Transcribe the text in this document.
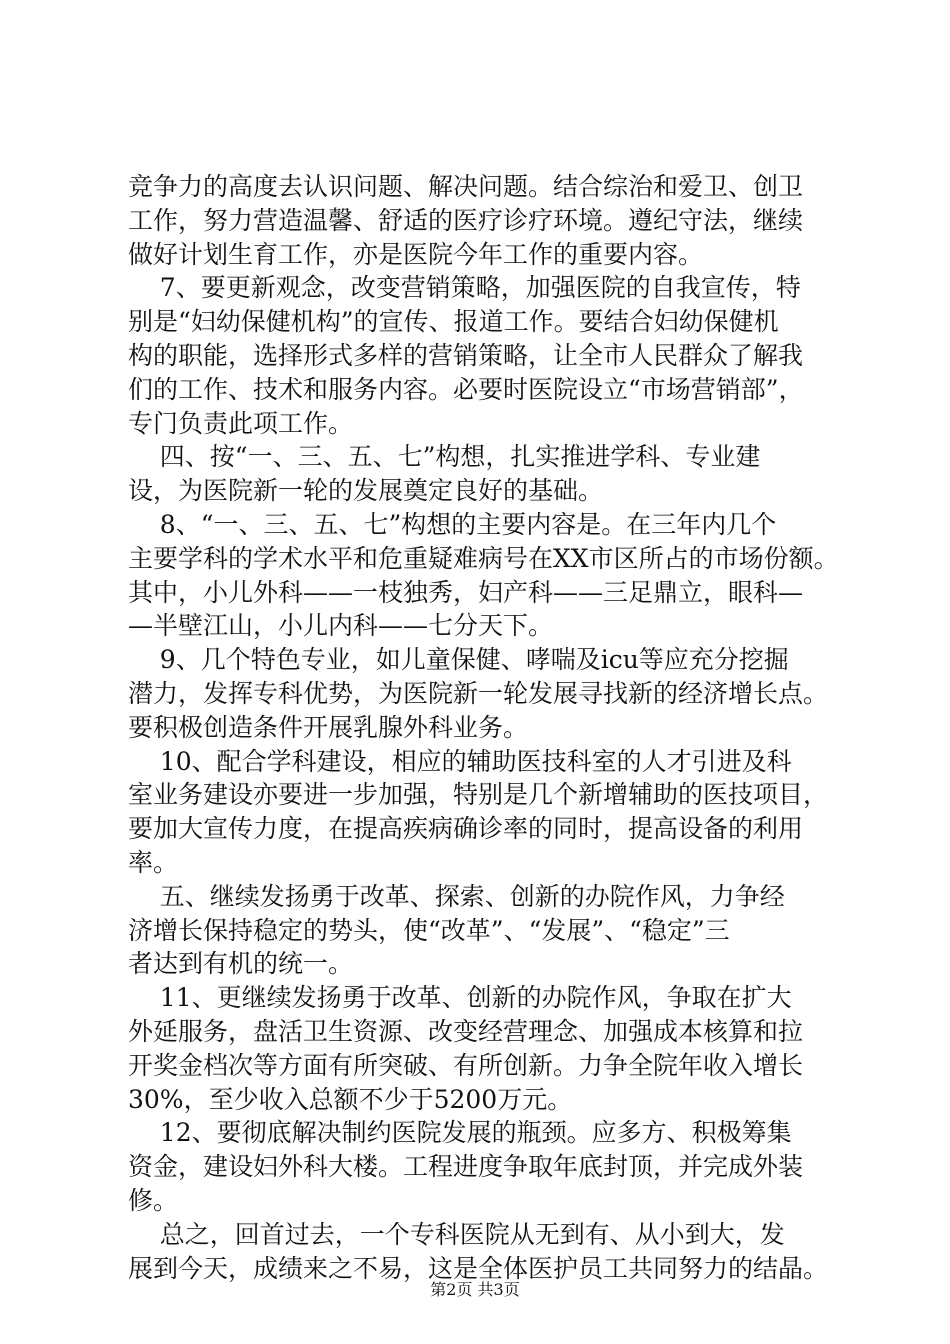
竞争力的高度去认识问题、解决问题。结合综治和爱卫、创卫
工作，努力营造温馨、舒适的医疗诊疗环境。遵纪守法，继续
做好计划生育工作，亦是医院今年工作的重要内容。
7、要更新观念，改变营销策略，加强医院的自我宣传，特
别是“妇幼保健机构”的宣传、报道工作。要结合妇幼保健机
构的职能，选择形式多样的营销策略，让全市人民群众了解我
们的工作、技术和服务内容。必要时医院设立“市场营销部”，
专门负责此项工作。
四、按“一、三、五、七”构想，扎实推进学科、专业建
设，为医院新一轮的发展奠定良好的基础。
8、“一、三、五、七”构想的主要内容是。在三年内几个
主要学科的学术水平和危重疑难病号在XX市区所占的市场份额。
其中，小儿外科——一枝独秀，妇产科——三足鼎立，眼科—
—半壁江山，小儿内科——七分天下。
9、几个特色专业，如儿童保健、哮喘及icu等应充分挖掘
潜力，发挥专科优势，为医院新一轮发展寻找新的经济增长点。
要积极创造条件开展乳腺外科业务。
10、配合学科建设，相应的辅助医技科室的人才引进及科
室业务建设亦要进一步加强，特别是几个新增辅助的医技项目，
要加大宣传力度，在提高疾病确诊率的同时，提高设备的利用
率。
五、继续发扬勇于改革、探索、创新的办院作风，力争经
济增长保持稳定的势头，使“改革”、“发展”、“稳定”三
者达到有机的统一。
11、更继续发扬勇于改革、创新的办院作风，争取在扩大
外延服务，盘活卫生资源、改变经营理念、加强成本核算和拉
开奖金档次等方面有所突破、有所创新。力争全院年收入增长
30%，至少收入总额不少于5200万元。
12、要彻底解决制约医院发展的瓶颈。应多方、积极筹集
资金，建设妇外科大楼。工程进度争取年底封顶，并完成外装
修。
总之，回首过去，一个专科医院从无到有、从小到大，发
展到今天，成绩来之不易，这是全体医护员工共同努力的结晶。
第2页 共3页
